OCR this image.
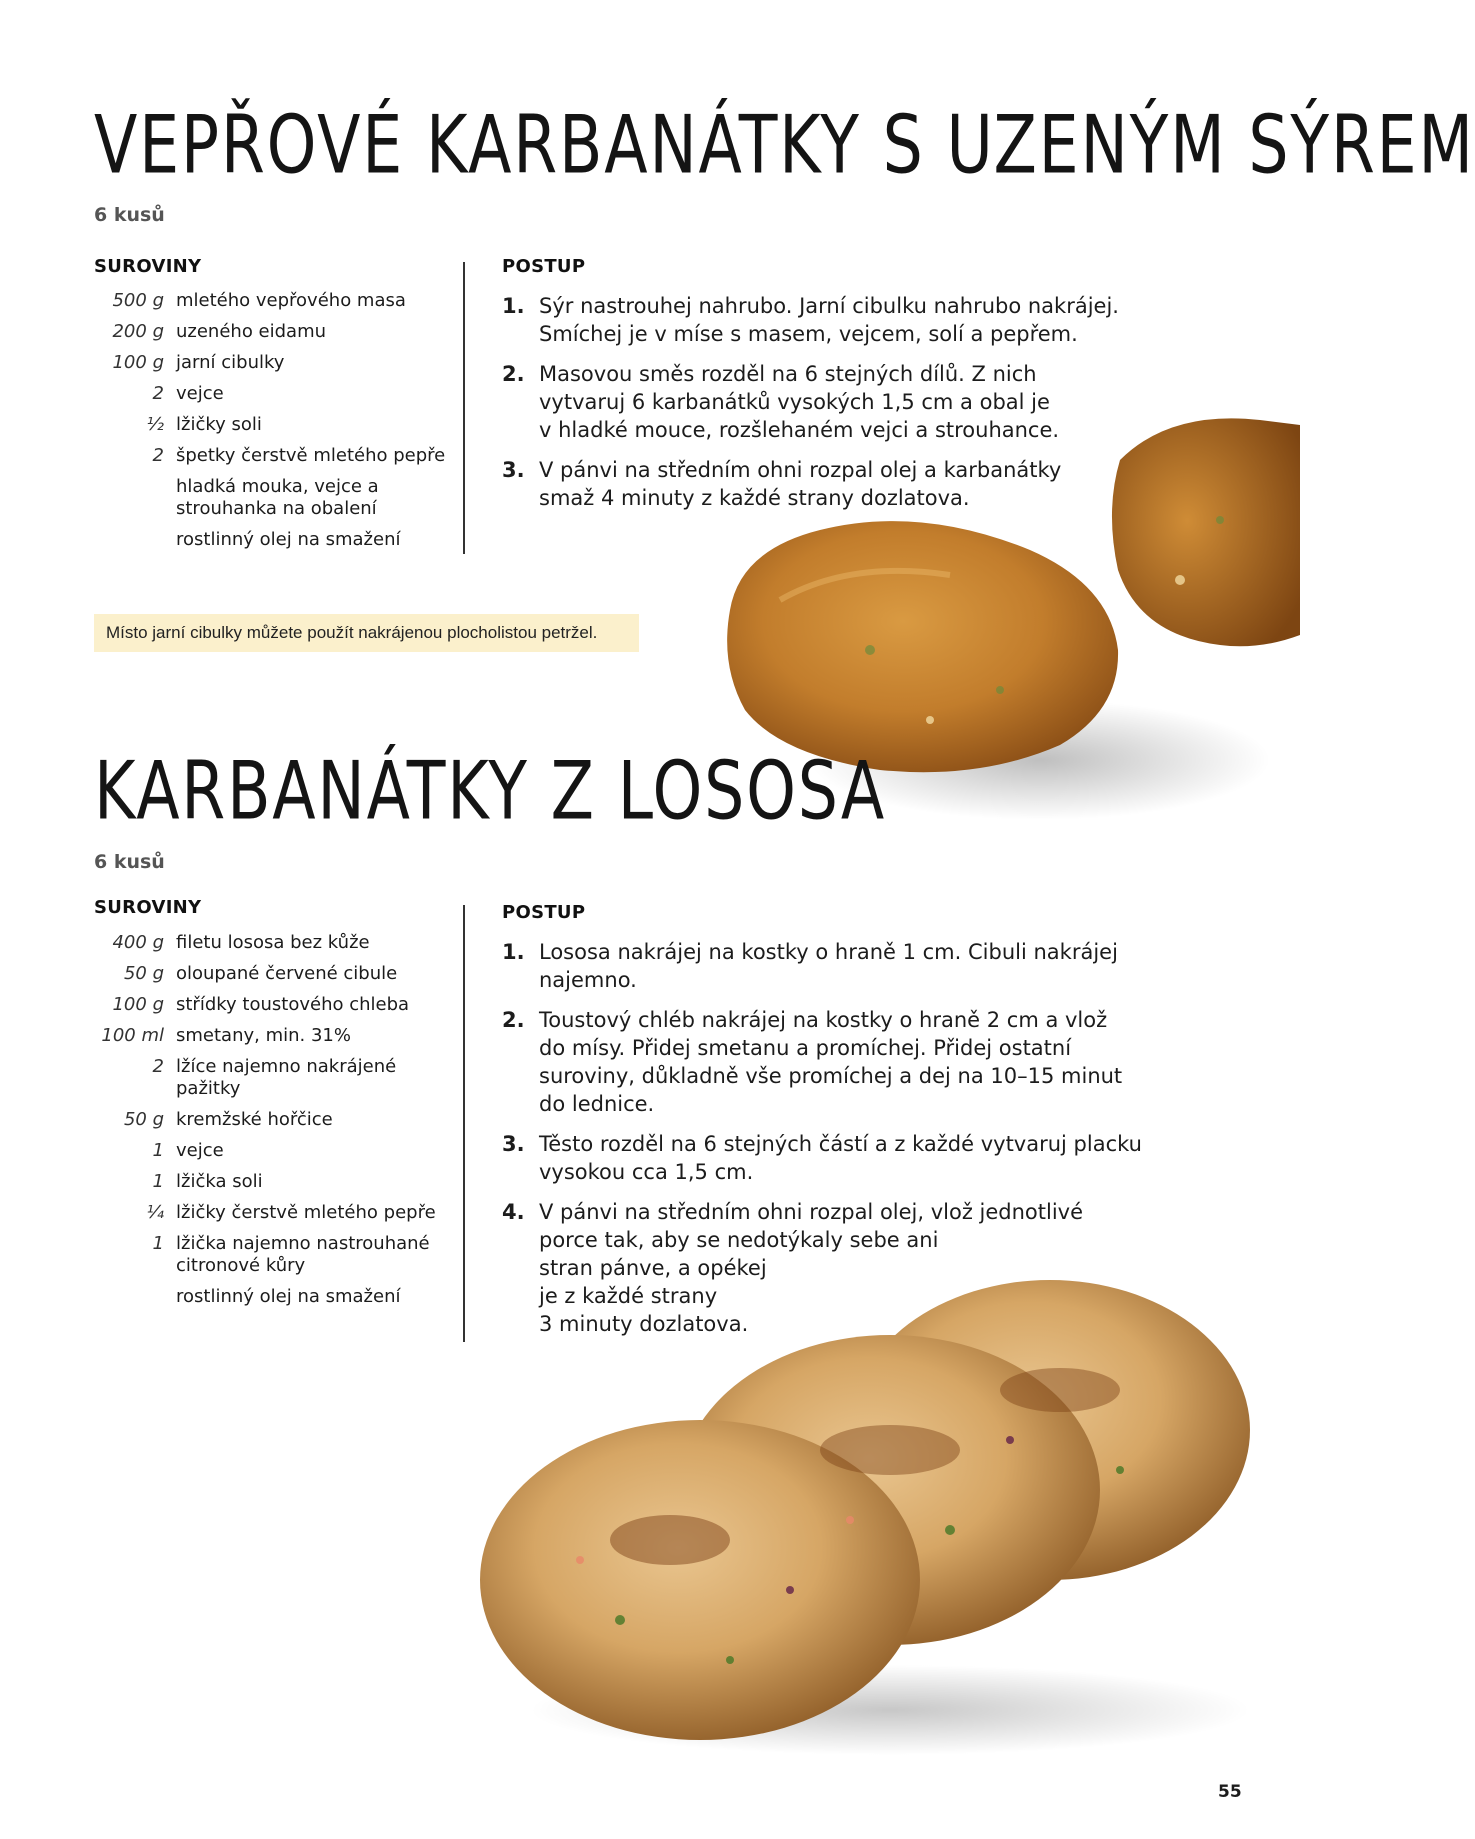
VEPŘOVÉ KARBANÁTKY S UZENÝM SÝREM
6 kusů
SUROVINY
500 g mletého vepřového masa
200 g uzeného eidamu
100 g jarní cibulky
2 vejce
½ lžičky soli
2 špetky čerstvě mletého pepře
hladká mouka, vejce a strouhanka na obalení
rostlinný olej na smažení
POSTUP
1. Sýr nastrouhej nahrubo. Jarní cibulku nahrubo nakrájej.
Smíchej je v míse s masem, vejcem, solí a pepřem.
2. Masovou směs rozděl na 6 stejných dílů. Z nich
vytvaruj 6 karbanátků vysokých 1,5 cm a obal je
v hladké mouce, rozšlehaném vejci a strouhance.
3. V pánvi na středním ohni rozpal olej a karbanátky
smaž 4 minuty z každé strany dozlatova.
Místo jarní cibulky můžete použít nakrájenou plocholistou petržel.
KARBANÁTKY Z LOSOSA
6 kusů
SUROVINY
400 g filetu lososa bez kůže
50 g oloupané červené cibule
100 g střídky toustového chleba
100 ml smetany, min. 31%
2 lžíce najemno nakrájené pažitky
50 g kremžské hořčice
1 vejce
1 lžička soli
¼ lžičky čerstvě mletého pepře
1 lžička najemno nastrouhané citronové kůry
rostlinný olej na smažení
POSTUP
1. Lososa nakrájej na kostky o hraně 1 cm. Cibuli nakrájej
najemno.
2. Toustový chléb nakrájej na kostky o hraně 2 cm a vlož
do mísy. Přidej smetanu a promíchej. Přidej ostatní
suroviny, důkladně vše promíchej a dej na 10–15 minut
do lednice.
3. Těsto rozděl na 6 stejných částí a z každé vytvaruj placku
vysokou cca 1,5 cm.
4. V pánvi na středním ohni rozpal olej, vlož jednotlivé
porce tak, aby se nedotýkaly sebe ani
stran pánve, a opékej
je z každé strany
3 minuty dozlatova.
55
